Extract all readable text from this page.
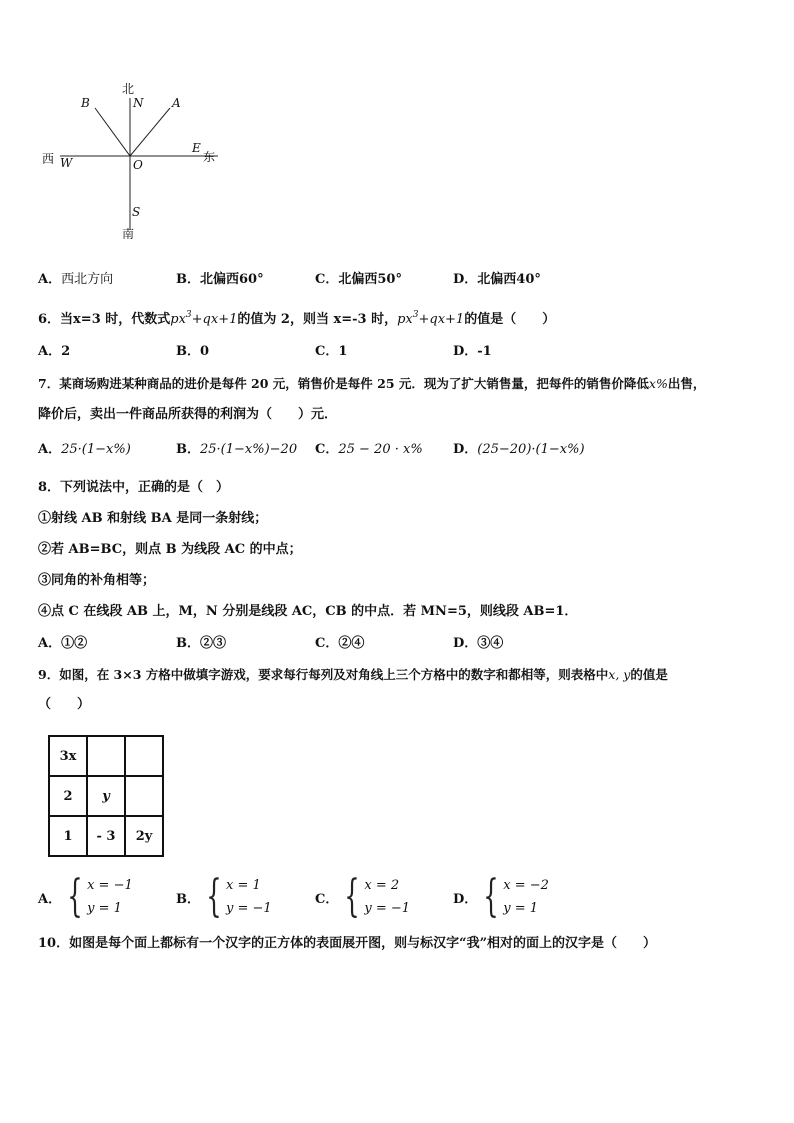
北
N
B	A
西 W
E
东
O
S
南
A．西北方向	B．北偏西60°	C．北偏西50°	D．北偏西40°
6．当x=3 时，代数式$px^3+qx+1$的值为 2，则当 x=-3 时，$px^3+qx+1$的值是（　　）
A．2	B．0	C．1	D．-1
7．某商场购进某种商品的进价是每件 20 元，销售价是每件 25 元．现为了扩大销售量，把每件的销售价降低x%出售，
降价后，卖出一件商品所获得的利润为（　　）元．
A．25·(1−x%)	B．25·(1−x%)−20 C．25 − 20 · x% D．(25−20)·(1−x%)
8．下列说法中，正确的是（　）
①射线 AB 和射线 BA 是同一条射线；
②若 AB=BC，则点 B 为线段 AC 的中点；
③同角的补角相等；
④点 C 在线段 AB 上，M，N 分别是线段 AC，CB 的中点．若 MN=5，则线段 AB=1．
A．①②	B．②③	C．②④	D．③④
9．如图，在 3×3 方格中做填字游戏，要求每行每列及对角线上三个方格中的数字和都相等，则表格中x, y的值是
（　　）
3x		
2	y	
1	- 3	2y
A． { x = −1
y = 1
B． { x = 1
y = −1
C． { x = 2
y = −1
D． { x = −2
y = 1
10．如图是每个面上都标有一个汉字的正方体的表面展开图，则与标汉字“我”相对的面上的汉字是（　　）
